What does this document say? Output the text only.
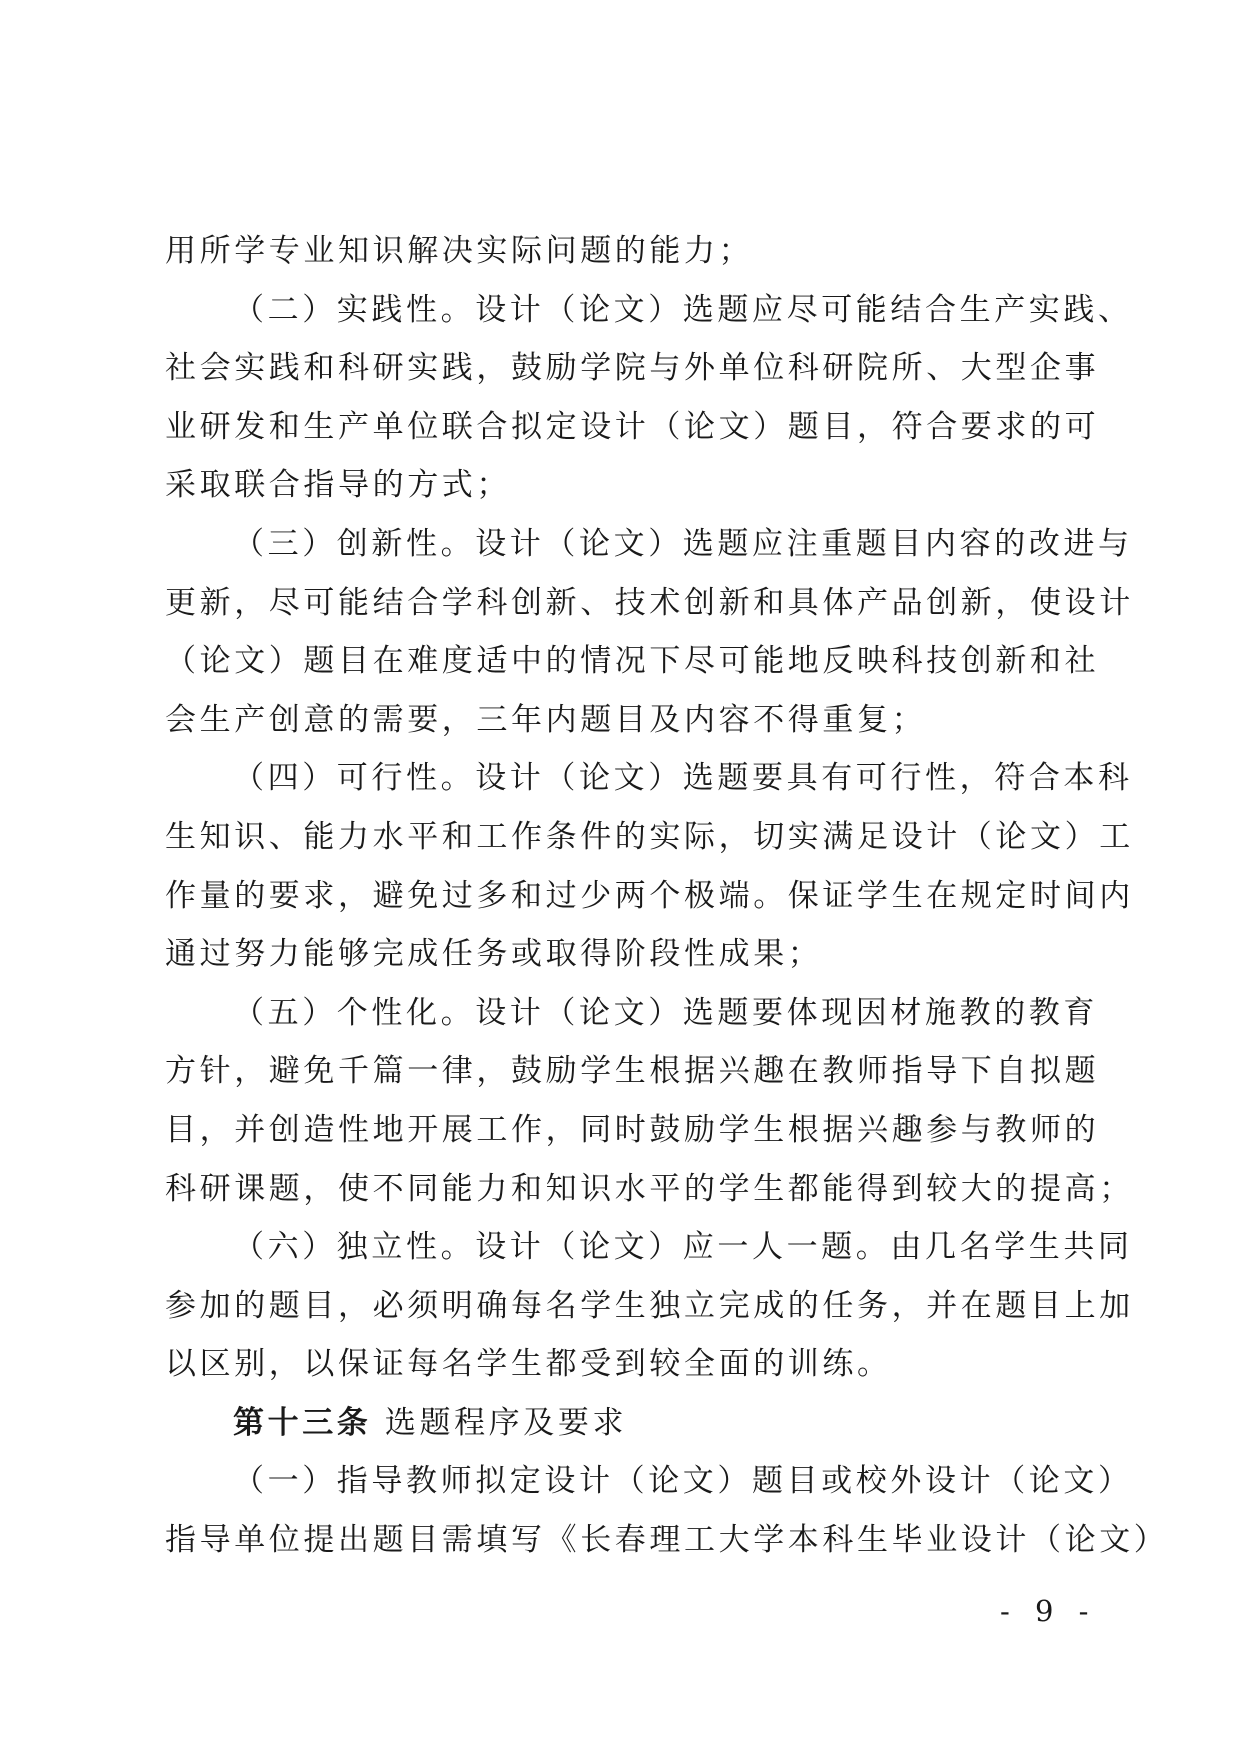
用所学专业知识解决实际问题的能力；
（二）实践性。设计（论文）选题应尽可能结合生产实践、
社会实践和科研实践，鼓励学院与外单位科研院所、大型企事
业研发和生产单位联合拟定设计（论文）题目，符合要求的可
采取联合指导的方式；
（三）创新性。设计（论文）选题应注重题目内容的改进与
更新，尽可能结合学科创新、技术创新和具体产品创新，使设计
（论文）题目在难度适中的情况下尽可能地反映科技创新和社
会生产创意的需要，三年内题目及内容不得重复；
（四）可行性。设计（论文）选题要具有可行性，符合本科
生知识、能力水平和工作条件的实际，切实满足设计（论文）工
作量的要求，避免过多和过少两个极端。保证学生在规定时间内
通过努力能够完成任务或取得阶段性成果；
（五）个性化。设计（论文）选题要体现因材施教的教育
方针，避免千篇一律，鼓励学生根据兴趣在教师指导下自拟题
目，并创造性地开展工作，同时鼓励学生根据兴趣参与教师的
科研课题，使不同能力和知识水平的学生都能得到较大的提高；
（六）独立性。设计（论文）应一人一题。由几名学生共同
参加的题目，必须明确每名学生独立完成的任务，并在题目上加
以区别，以保证每名学生都受到较全面的训练。
第十三条 选题程序及要求
（一）指导教师拟定设计（论文）题目或校外设计（论文）
指导单位提出题目需填写《长春理工大学本科生毕业设计（论文）
- 9 -
